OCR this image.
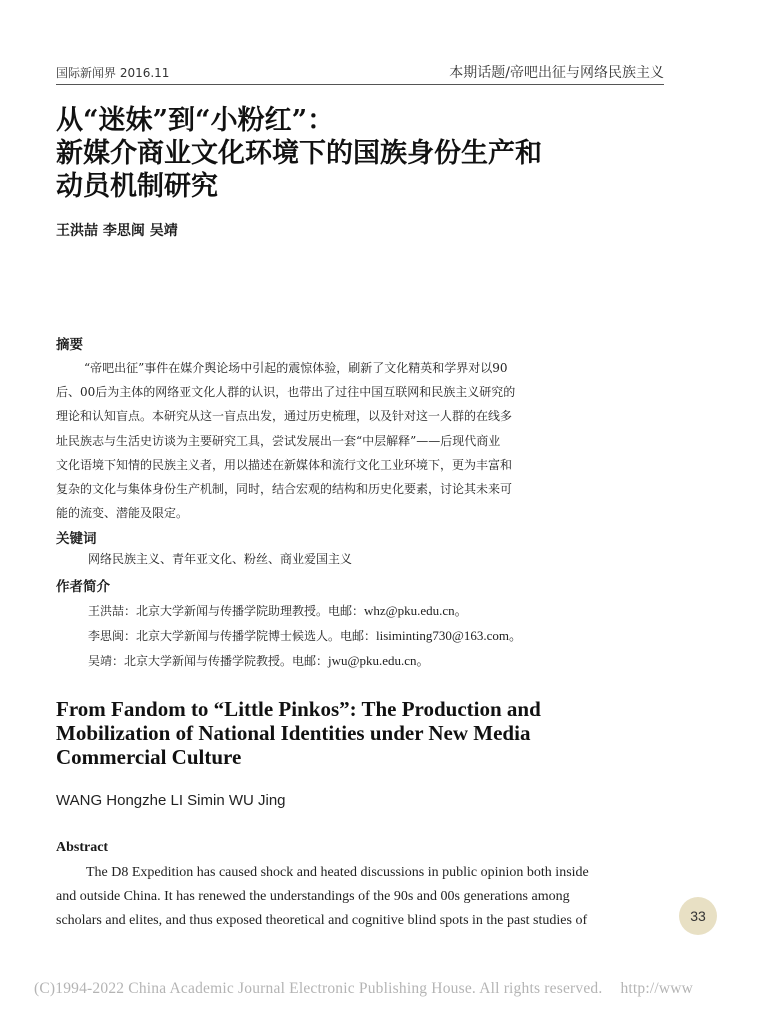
国际新闻界 2016.11	本期话题/帝吧出征与网络民族主义
从“迷妹”到“小粉红”：
新媒介商业文化环境下的国族身份生产和
动员机制研究
王洪喆 李思闽 吴靖
摘要
“帝吧出征”事件在媒介舆论场中引起的震惊体验，刷新了文化精英和学界对以90
后、00后为主体的网络亚文化人群的认识，也带出了过往中国互联网和民族主义研究的
理论和认知盲点。本研究从这一盲点出发，通过历史梳理，以及针对这一人群的在线多
址民族志与生活史访谈为主要研究工具，尝试发展出一套“中层解释”——后现代商业
文化语境下知情的民族主义者，用以描述在新媒体和流行文化工业环境下，更为丰富和
复杂的文化与集体身份生产机制，同时，结合宏观的结构和历史化要素，讨论其未来可
能的流变、潜能及限定。
关键词
网络民族主义、青年亚文化、粉丝、商业爱国主义
作者简介
王洪喆：北京大学新闻与传播学院助理教授。电邮：whz@pku.edu.cn。
李思闽：北京大学新闻与传播学院博士候选人。电邮：lisiminting730@163.com。
吴靖：北京大学新闻与传播学院教授。电邮：jwu@pku.edu.cn。
From Fandom to “Little Pinkos”: The Production and
Mobilization of National Identities under New Media
Commercial Culture
WANG Hongzhe LI Simin WU Jing
Abstract
The D8 Expedition has caused shock and heated discussions in public opinion both inside
and outside China. It has renewed the understandings of the 90s and 00s generations among
scholars and elites, and thus exposed theoretical and cognitive blind spots in the past studies of	33
(C)1994-2022 China Academic Journal Electronic Publishing House. All rights reserved. http://www
